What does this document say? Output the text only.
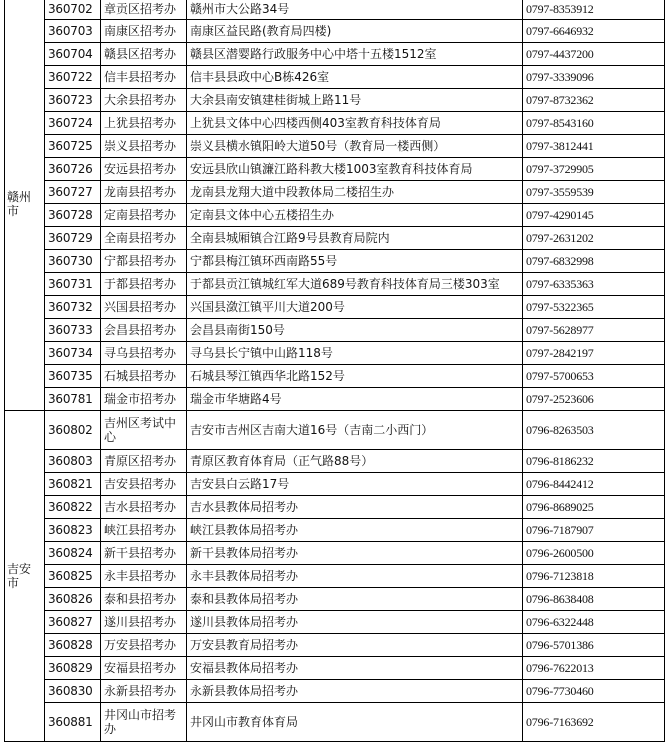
赣州市	360702	章贡区招考办	赣州市大公路34号	0797-8353912
	360703	南康区招考办	南康区益民路(教育局四楼)	0797-6646932
	360704	赣县区招考办	赣县区潜婴路行政服务中心中塔十五楼1512室	0797-4437200
	360722	信丰县招考办	信丰县县政中心B栋426室	0797-3339096
	360723	大余县招考办	大余县南安镇建桂街城上路11号	0797-8732362
	360724	上犹县招考办	上犹县文体中心四楼西侧403室教育科技体育局	0797-8543160
	360725	崇义县招考办	崇义县横水镇阳岭大道50号（教育局一楼西侧）	0797-3812441
	360726	安远县招考办	安远县欣山镇濂江路科教大楼1003室教育科技体育局	0797-3729905
	360727	龙南县招考办	龙南县龙翔大道中段教体局二楼招生办	0797-3559539
	360728	定南县招考办	定南县文体中心五楼招生办	0797-4290145
	360729	全南县招考办	全南县城厢镇合江路9号县教育局院内	0797-2631202
	360730	宁都县招考办	宁都县梅江镇环西南路55号	0797-6832998
	360731	于都县招考办	于都县贡江镇城红军大道689号教育科技体育局三楼303室	0797-6335363
	360732	兴国县招考办	兴国县潋江镇平川大道200号	0797-5322365
	360733	会昌县招考办	会昌县南街150号	0797-5628977
	360734	寻乌县招考办	寻乌县长宁镇中山路118号	0797-2842197
	360735	石城县招考办	石城县琴江镇西华北路152号	0797-5700653
	360781	瑞金市招考办	瑞金市华塘路4号	0797-2523606
吉安市	360802	吉州区考试中心	吉安市吉州区吉南大道16号（吉南二小西门）	0796-8263503
	360803	青原区招考办	青原区教育体育局（正气路88号）	0796-8186232
	360821	吉安县招考办	吉安县白云路17号	0796-8442412
	360822	吉水县招考办	吉水县教体局招考办	0796-8689025
	360823	峡江县招考办	峡江县教体局招考办	0796-7187907
	360824	新干县招考办	新干县教体局招考办	0796-2600500
	360825	永丰县招考办	永丰县教体局招考办	0796-7123818
	360826	泰和县招考办	泰和县教体局招考办	0796-8638408
	360827	遂川县招考办	遂川县教体局招考办	0796-6322448
	360828	万安县招考办	万安县教育局招考办	0796-5701386
	360829	安福县招考办	安福县教体局招考办	0796-7622013
	360830	永新县招考办	永新县教体局招考办	0796-7730460
	360881	井冈山市招考办	井冈山市教育体育局	0796-7163692
